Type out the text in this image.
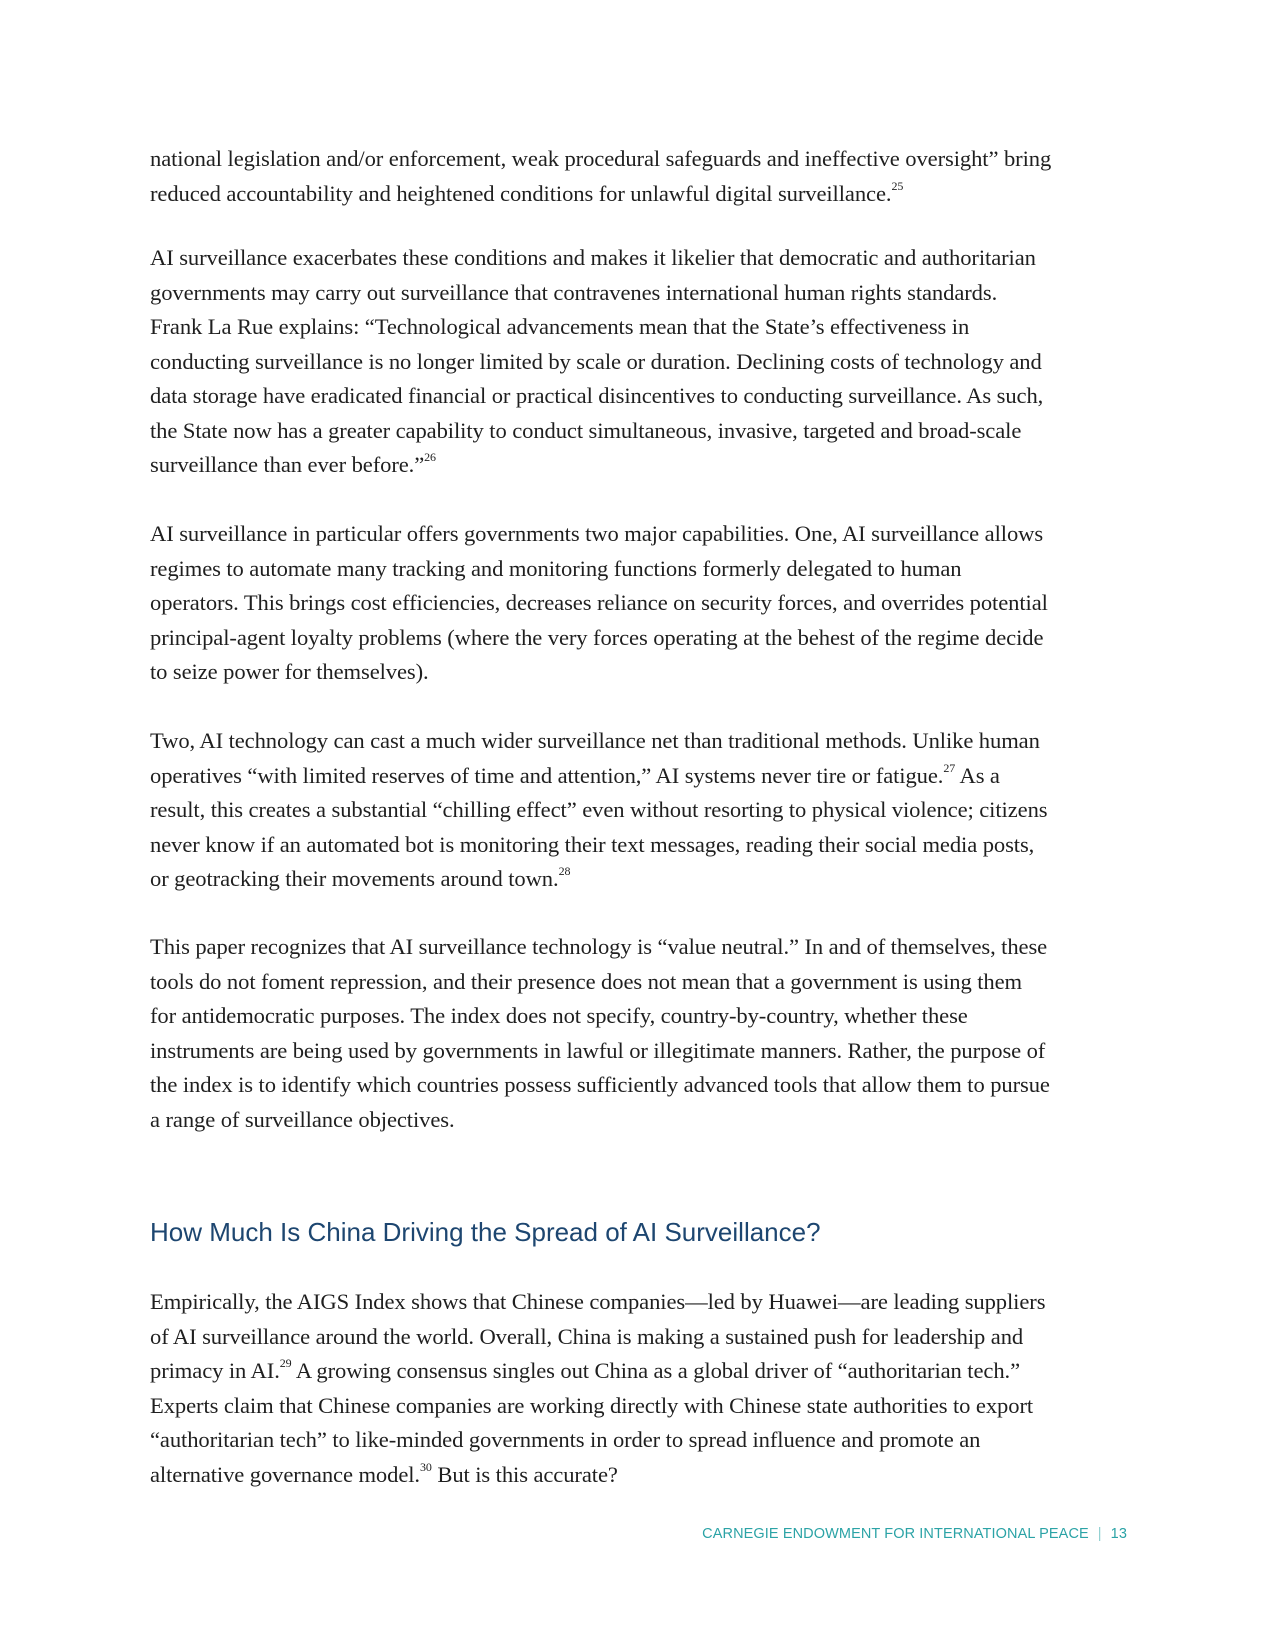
national legislation and/or enforcement, weak procedural safeguards and ineffective oversight” bring
reduced accountability and heightened conditions for unlawful digital surveillance.$^{25}$

AI surveillance exacerbates these conditions and makes it likelier that democratic and authoritarian
governments may carry out surveillance that contravenes international human rights standards.
Frank La Rue explains: “Technological advancements mean that the State’s effectiveness in
conducting surveillance is no longer limited by scale or duration. Declining costs of technology and
data storage have eradicated financial or practical disincentives to conducting surveillance. As such,
the State now has a greater capability to conduct simultaneous, invasive, targeted and broad-scale
surveillance than ever before.”$^{26}$

AI surveillance in particular offers governments two major capabilities. One, AI surveillance allows
regimes to automate many tracking and monitoring functions formerly delegated to human
operators. This brings cost efficiencies, decreases reliance on security forces, and overrides potential
principal-agent loyalty problems (where the very forces operating at the behest of the regime decide
to seize power for themselves).

Two, AI technology can cast a much wider surveillance net than traditional methods. Unlike human
operatives “with limited reserves of time and attention,” AI systems never tire or fatigue.$^{27}$ As a
result, this creates a substantial “chilling effect” even without resorting to physical violence; citizens
never know if an automated bot is monitoring their text messages, reading their social media posts,
or geotracking their movements around town.$^{28}$

This paper recognizes that AI surveillance technology is “value neutral.” In and of themselves, these
tools do not foment repression, and their presence does not mean that a government is using them
for antidemocratic purposes. The index does not specify, country-by-country, whether these
instruments are being used by governments in lawful or illegitimate manners. Rather, the purpose of
the index is to identify which countries possess sufficiently advanced tools that allow them to pursue
a range of surveillance objectives.

How Much Is China Driving the Spread of AI Surveillance?

Empirically, the AIGS Index shows that Chinese companies—led by Huawei—are leading suppliers
of AI surveillance around the world. Overall, China is making a sustained push for leadership and
primacy in AI.$^{29}$ A growing consensus singles out China as a global driver of “authoritarian tech.”
Experts claim that Chinese companies are working directly with Chinese state authorities to export
“authoritarian tech” to like-minded governments in order to spread influence and promote an
alternative governance model.$^{30}$ But is this accurate?

CARNEGIE ENDOWMENT FOR INTERNATIONAL PEACE | 13
